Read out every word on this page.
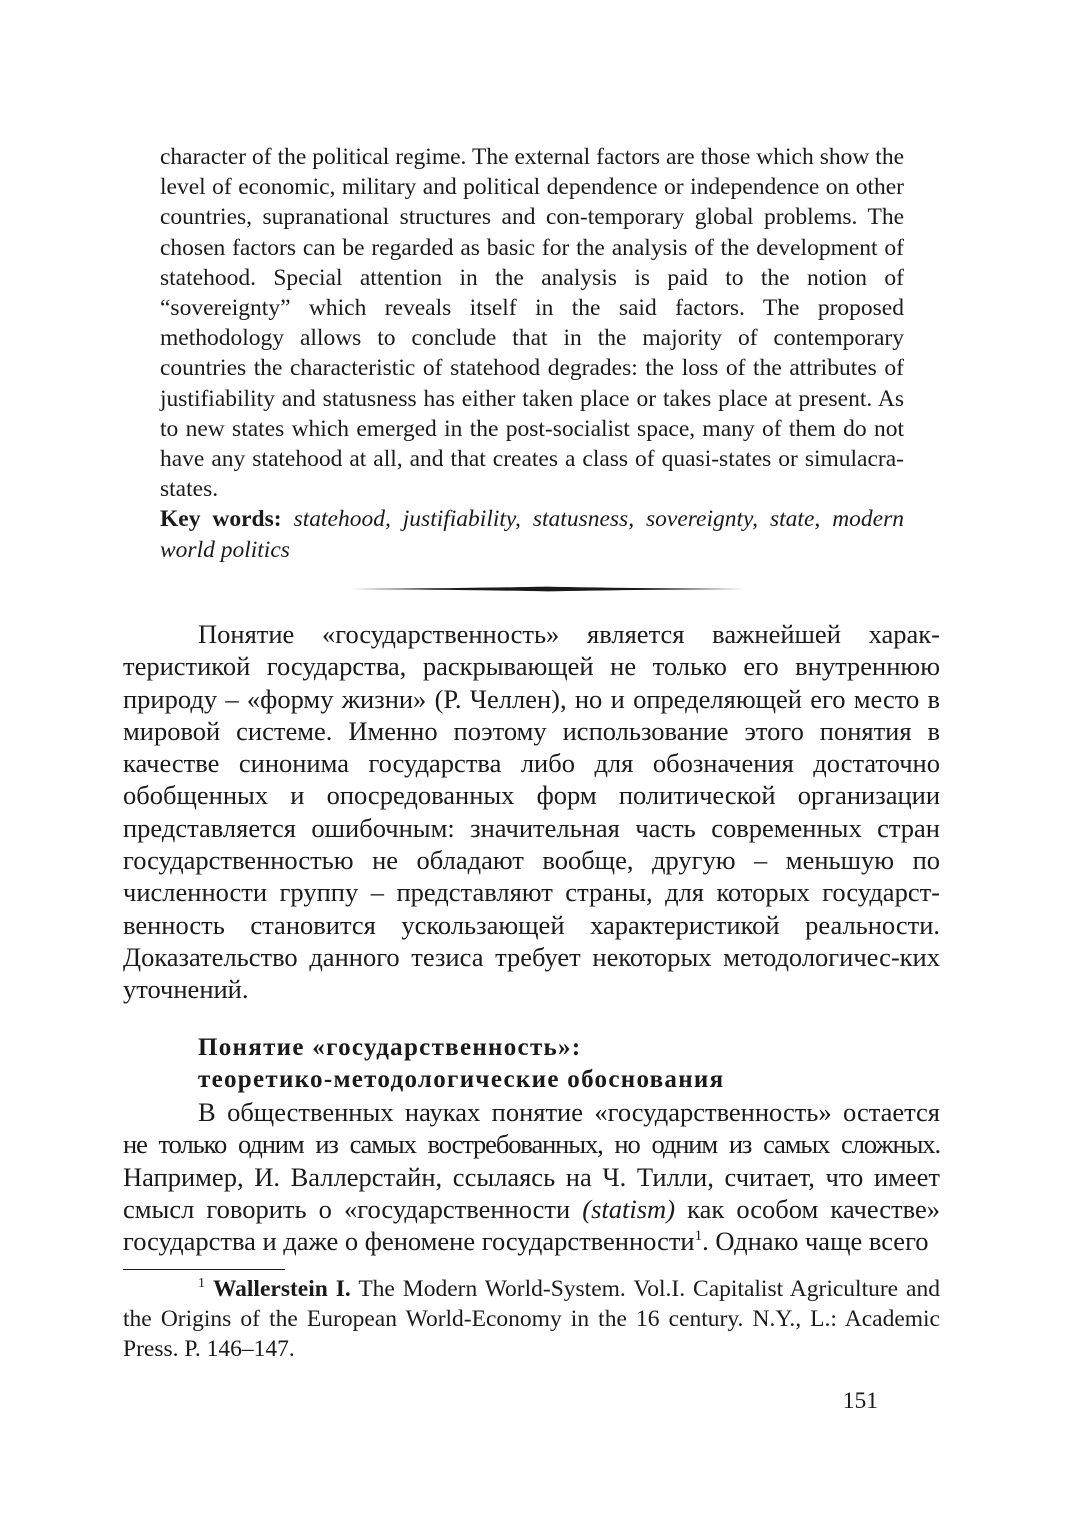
character of the political regime. The external factors are those which show the level of economic, military and political dependence or independence on other countries, supranational structures and con-temporary global problems. The chosen factors can be regarded as basic for the analysis of the development of statehood. Special attention in the analysis is paid to the notion of “sovereignty” which reveals itself in the said factors. The proposed methodology allows to conclude that in the majority of contemporary countries the characteristic of statehood degrades: the loss of the attributes of justifiability and statusness has either taken place or takes place at present. As to new states which emerged in the post-socialist space, many of them do not have any statehood at all, and that creates a class of quasi-states or simulacra-states.

Key words: statehood, justifiability, statusness, sovereignty, state, modern world politics

Понятие «государственность» является важнейшей харак-теристикой государства, раскрывающей не только его внутреннюю природу – «форму жизни» (Р. Челлен), но и определяющей его место в мировой системе. Именно поэтому использование этого понятия в качестве синонима государства либо для обозначения достаточно обобщенных и опосредованных форм политической организации представляется ошибочным: значительная часть современных стран государственностью не обладают вообще, другую – меньшую по численности группу – представляют страны, для которых государст-венность становится ускользающей характеристикой реальности. Доказательство данного тезиса требует некоторых методологичес-ких уточнений.

Понятие «государственность»:
теоретико-методологические обоснования

В общественных науках понятие «государственность» остается не только одним из самых востребованных, но одним из самых сложных. Например, И. Валлерстайн, ссылаясь на Ч. Тилли, считает, что имеет смысл говорить о «государственности (statism) как особом качестве» государства и даже о феномене государственности$^1$. Однако чаще всего

$^1$ Wallerstein I. The Modern World-System. Vol.I. Capitalist Agriculture and the Origins of the European World-Economy in the 16 century. N.Y., L.: Academic Press. P. 146–147.

151
